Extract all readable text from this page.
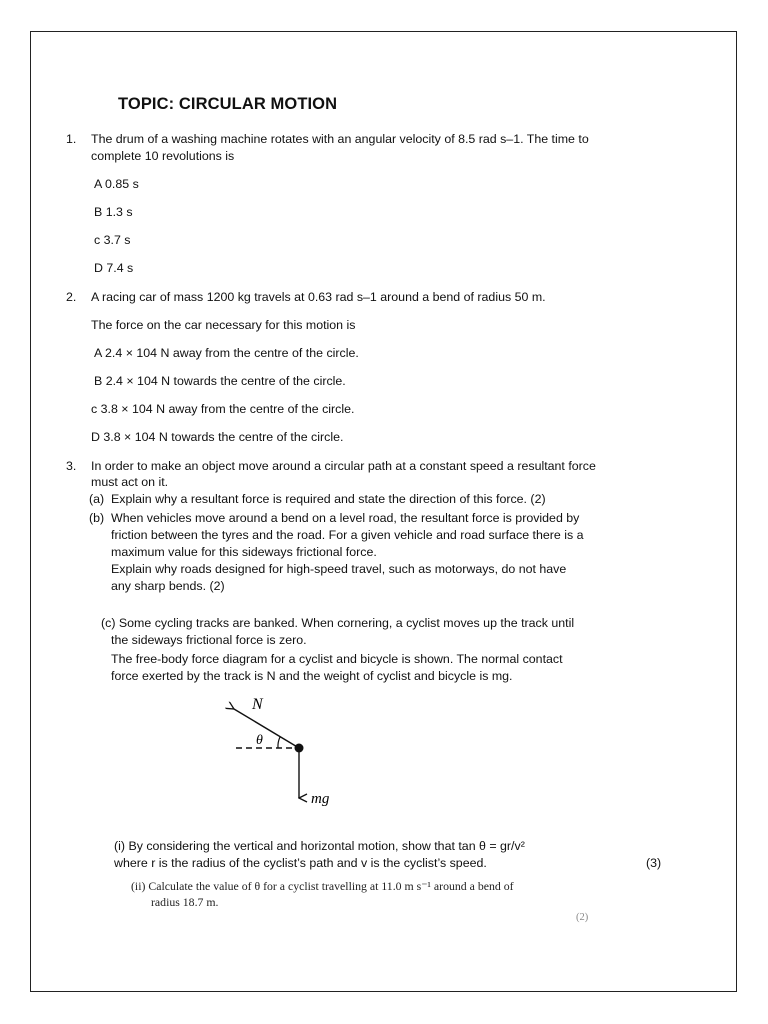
TOPIC: CIRCULAR MOTION
1. The drum of a washing machine rotates with an angular velocity of 8.5 rad s–1. The time to
complete 10 revolutions is
A 0.85 s
B 1.3 s
c 3.7 s
D 7.4 s
2. A racing car of mass 1200 kg travels at 0.63 rad s–1 around a bend of radius 50 m.
The force on the car necessary for this motion is
A 2.4 × 104 N away from the centre of the circle.
B 2.4 × 104 N towards the centre of the circle.
c 3.8 × 104 N away from the centre of the circle.
D 3.8 × 104 N towards the centre of the circle.
3. In order to make an object move around a circular path at a constant speed a resultant force
must act on it.
(a) Explain why a resultant force is required and state the direction of this force. (2)
(b) When vehicles move around a bend on a level road, the resultant force is provided by
friction between the tyres and the road. For a given vehicle and road surface there is a
maximum value for this sideways frictional force.
Explain why roads designed for high-speed travel, such as motorways, do not have
any sharp bends. (2)
(c) Some cycling tracks are banked. When cornering, a cyclist moves up the track until
the sideways frictional force is zero.
The free-body force diagram for a cyclist and bicycle is shown. The normal contact
force exerted by the track is N and the weight of cyclist and bicycle is mg.
N
θ
mg
(i) By considering the vertical and horizontal motion, show that tan θ = gr/v²
where r is the radius of the cyclist’s path and v is the cyclist’s speed.	(3)
(ii) Calculate the value of θ for a cyclist travelling at 11.0 m s⁻¹ around a bend of
radius 18.7 m.
(2)
